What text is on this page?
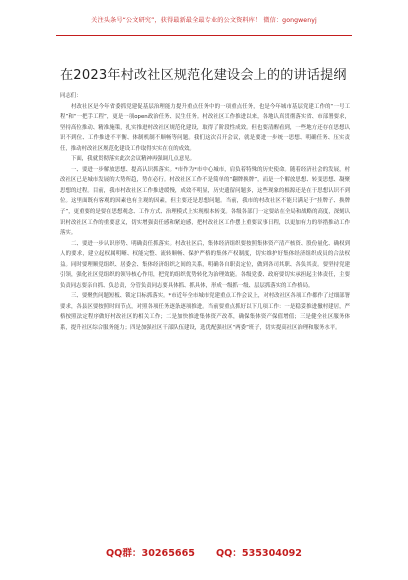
关注头条号“公文研究”，获得最新最全最专业的公文资料库！ 微信：gongwenyj
在2023年村改社区规范化建设会上的的讲话提纲

同志们：

村改社区是今年省委抓党建促基层治理能力提升重点任务中的一项重点任务，也是今年城市基层党建工作的“一号工程”和“一把手工程”，更是一项open政治任务、民生任务。村改社区工作推进以来，各地认真贯彻落实省、市部署要求，坚持高位推动、精准施策，扎实推进村改社区规范化建设，取得了阶段性成效。但也要清醒看到，一些地方还存在思想认识不到位、工作推进不平衡、体制机制不顺畅等问题。我们这次召开会议，就是要进一步统一思想、明确任务、压实责任，推动村改社区规范化建设工作取得实实在在的成效。

下面，我就贯彻落实此次会议精神再强调几点意见。

一、要进一步解放思想、提高认识抓落实。*市作为*市中心城市，肩负着特殊的历史使命。随着经济社会的发展，村改社区已是城市发展的大势所趋，势在必行。村改社区工作不是简单的“翻牌换牌”，而是一个解放思想、转变思想、凝聚思想的过程。目前，我市村改社区工作推进缓慢，成效不明显，历史遗留问题多，这些现象的根源还是在于思想认识不到位。这里面既有客观的因素也有主观的因素，但主要还是思想问题。当前，我市的村改社区不能只满足于“挂牌子、换牌子”，更重要的是要在思想观念、工作方式、治理模式上实现根本转变。各级各部门一定要站在全局和战略的高度，深刻认识村改社区工作的重要意义，切实增强责任感和紧迫感，把村改社区工作摆上重要议事日程，以更加有力的举措推动工作落实。

二、要进一步认识形势、明确责任抓落实。村改社区后，集体经济组织要按照集体资产清产核资、股份量化、确权到人的要求，建立起权属明晰、权能完整、流转顺畅、保护严格的集体产权制度，切实维护好集体经济组织成员的合法权益。同时要理顺党组织、居委会、集体经济组织之间的关系，明确各自职责定位，做到各司其职、各负其责。要坚持党建引领，强化社区党组织的领导核心作用，把党的组织优势转化为治理效能。各级党委、政府要切实承担起主体责任，主要负责同志要亲自抓、负总责，分管负责同志要具体抓、抓具体，形成一级抓一级、层层抓落实的工作格局。

三、要聚焦问题短板、锁定目标抓落实。*市近年全市城市党建重点工作会议上，对村改社区各项工作都作了过细部署要求，各县区要按照时间节点，对照各项任务逐条逐项推进。当前要重点抓好以下几项工作：一是稳妥推进撤村建居，严格按照法定程序做好村改社区的相关工作；二是加快推进集体资产改革，确保集体资产保值增值；三是健全社区服务体系，提升社区综合服务能力；四是加强社区干部队伍建设，选优配强社区“两委”班子，切实提高社区治理和服务水平。

QQ群：30265665 QQ：535304092
